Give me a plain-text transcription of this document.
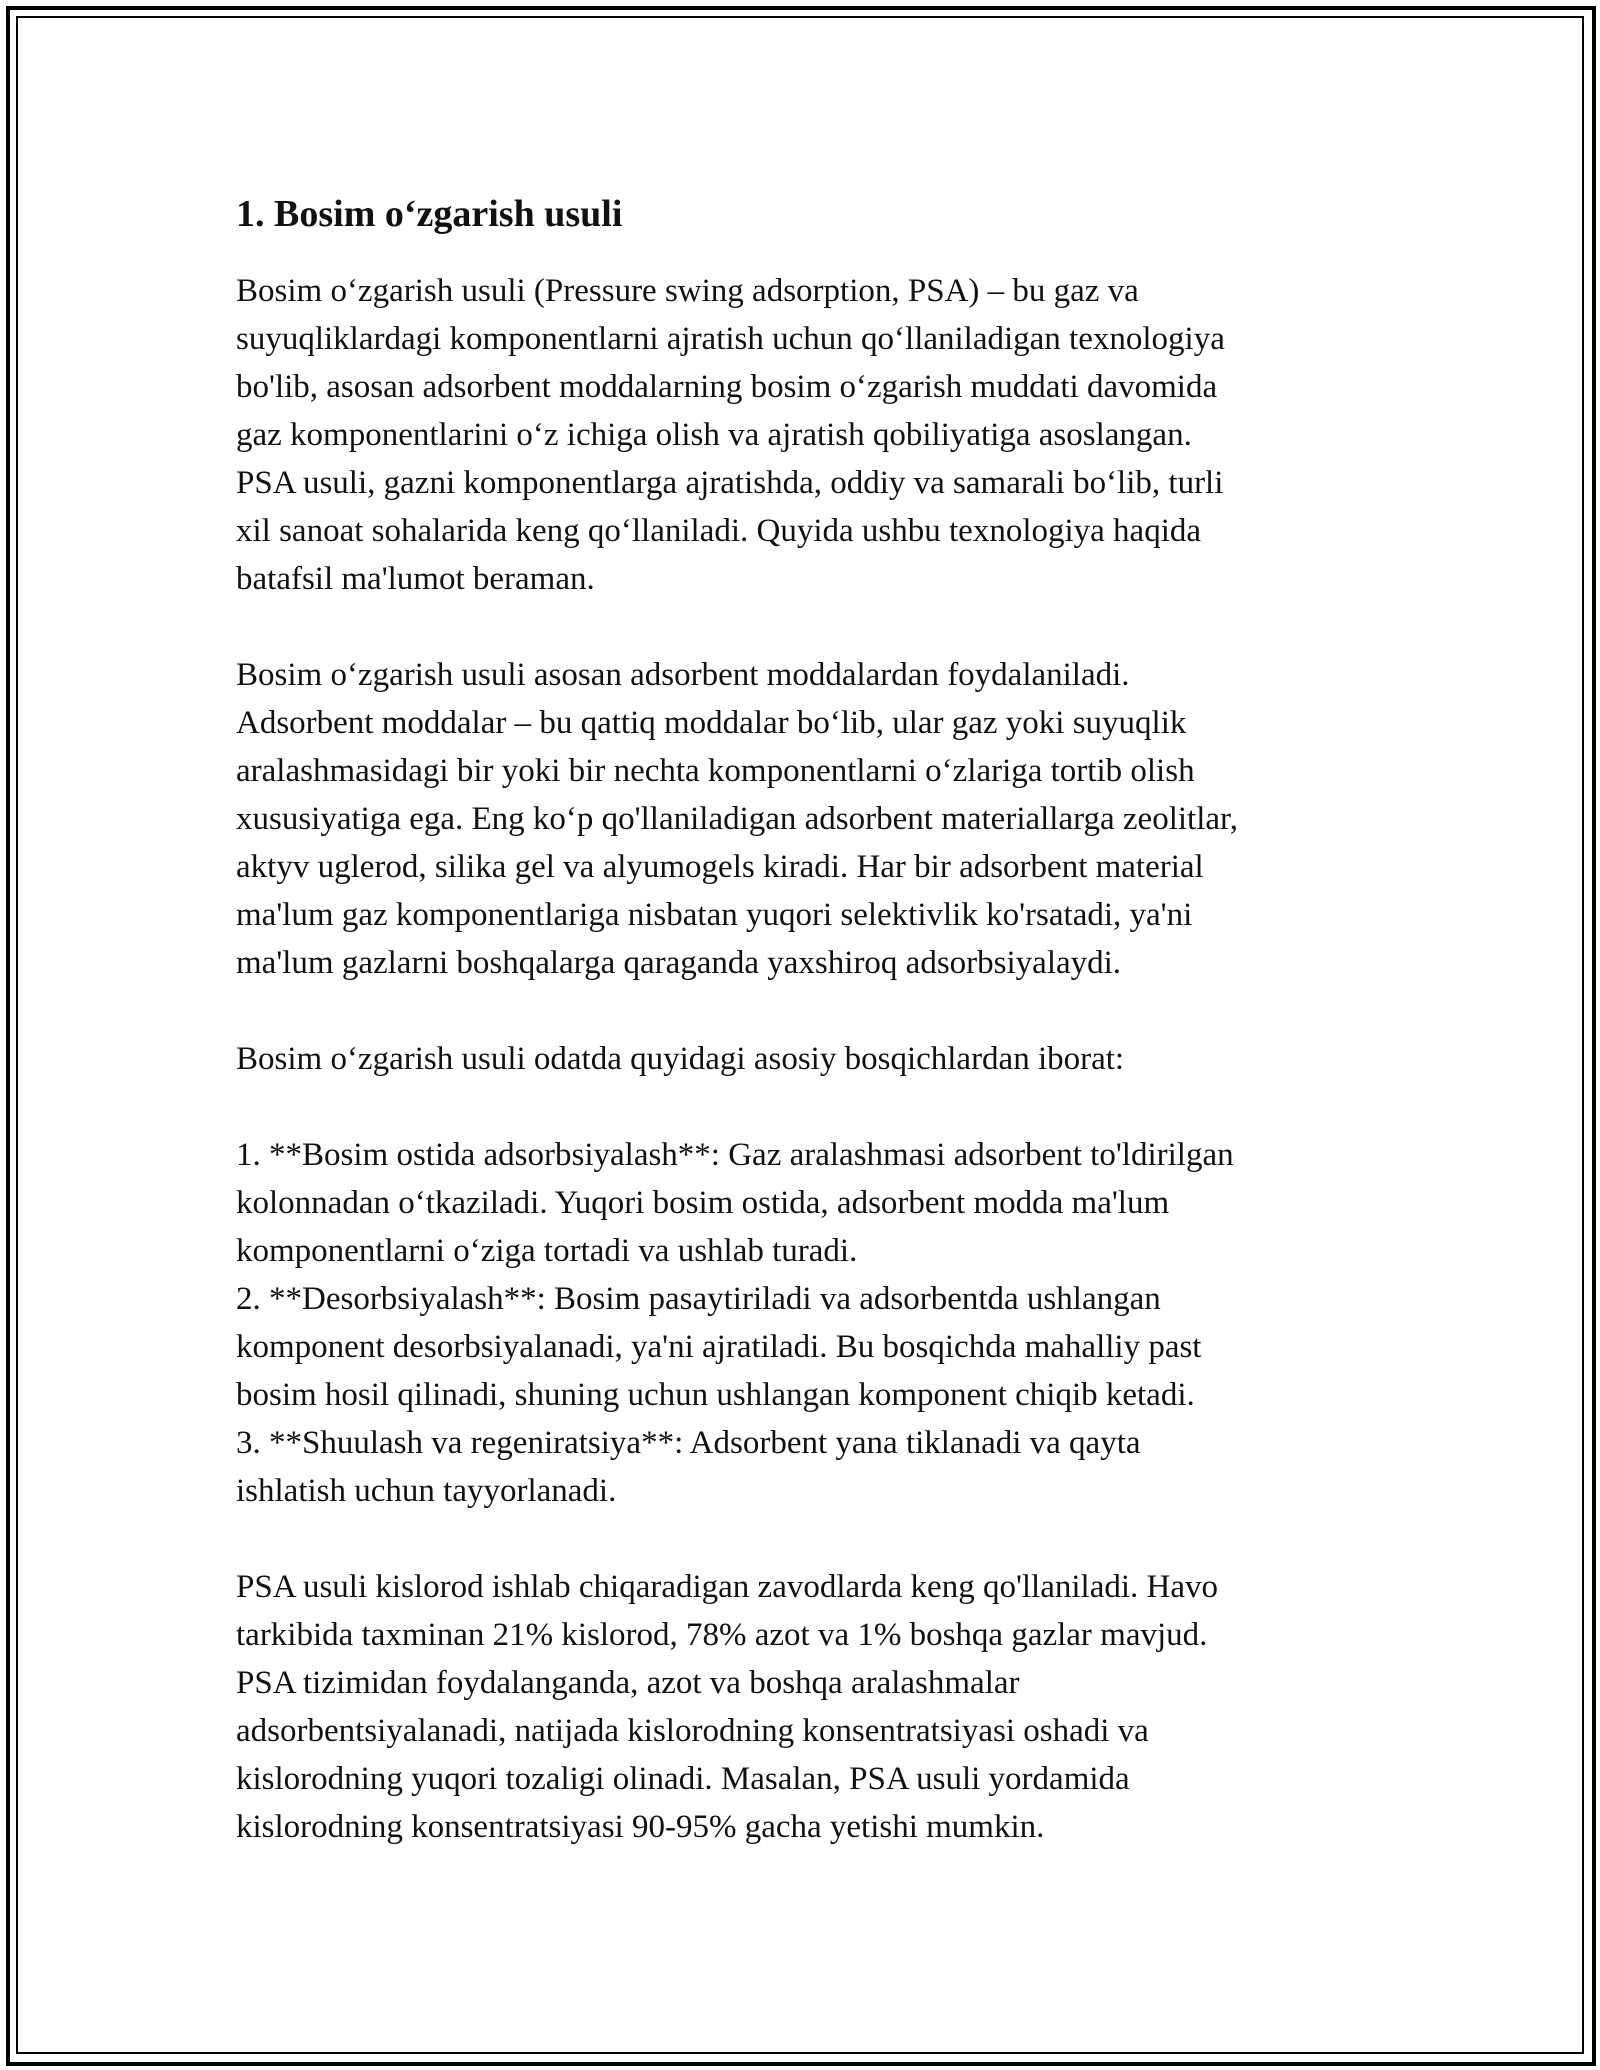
1. Bosim oʻzgarish usuli

Bosim oʻzgarish usuli (Pressure swing adsorption, PSA) – bu gaz va
suyuqliklardagi komponentlarni ajratish uchun qoʻllaniladigan texnologiya
bo'lib, asosan adsorbent moddalarning bosim oʻzgarish muddati davomida
gaz komponentlarini oʻz ichiga olish va ajratish qobiliyatiga asoslangan.
PSA usuli, gazni komponentlarga ajratishda, oddiy va samarali boʻlib, turli
xil sanoat sohalarida keng qoʻllaniladi. Quyida ushbu texnologiya haqida
batafsil ma'lumot beraman.

Bosim oʻzgarish usuli asosan adsorbent moddalardan foydalaniladi.
Adsorbent moddalar – bu qattiq moddalar boʻlib, ular gaz yoki suyuqlik
aralashmasidagi bir yoki bir nechta komponentlarni oʻzlariga tortib olish
xususiyatiga ega. Eng koʻp qo'llaniladigan adsorbent materiallarga zeolitlar,
aktyv uglerod, silika gel va alyumogels kiradi. Har bir adsorbent material
ma'lum gaz komponentlariga nisbatan yuqori selektivlik ko'rsatadi, ya'ni
ma'lum gazlarni boshqalarga qaraganda yaxshiroq adsorbsiyalaydi.

Bosim oʻzgarish usuli odatda quyidagi asosiy bosqichlardan iborat:

1. **Bosim ostida adsorbsiyalash**: Gaz aralashmasi adsorbent to'ldirilgan
kolonnadan oʻtkaziladi. Yuqori bosim ostida, adsorbent modda ma'lum
komponentlarni oʻziga tortadi va ushlab turadi.
2. **Desorbsiyalash**: Bosim pasaytiriladi va adsorbentda ushlangan
komponent desorbsiyalanadi, ya'ni ajratiladi. Bu bosqichda mahalliy past
bosim hosil qilinadi, shuning uchun ushlangan komponent chiqib ketadi.
3. **Shuulash va regeniratsiya**: Adsorbent yana tiklanadi va qayta
ishlatish uchun tayyorlanadi.

PSA usuli kislorod ishlab chiqaradigan zavodlarda keng qo'llaniladi. Havo
tarkibida taxminan 21% kislorod, 78% azot va 1% boshqa gazlar mavjud.
PSA tizimidan foydalanganda, azot va boshqa aralashmalar
adsorbentsiyalanadi, natijada kislorodning konsentratsiyasi oshadi va
kislorodning yuqori tozaligi olinadi. Masalan, PSA usuli yordamida
kislorodning konsentratsiyasi 90-95% gacha yetishi mumkin.
